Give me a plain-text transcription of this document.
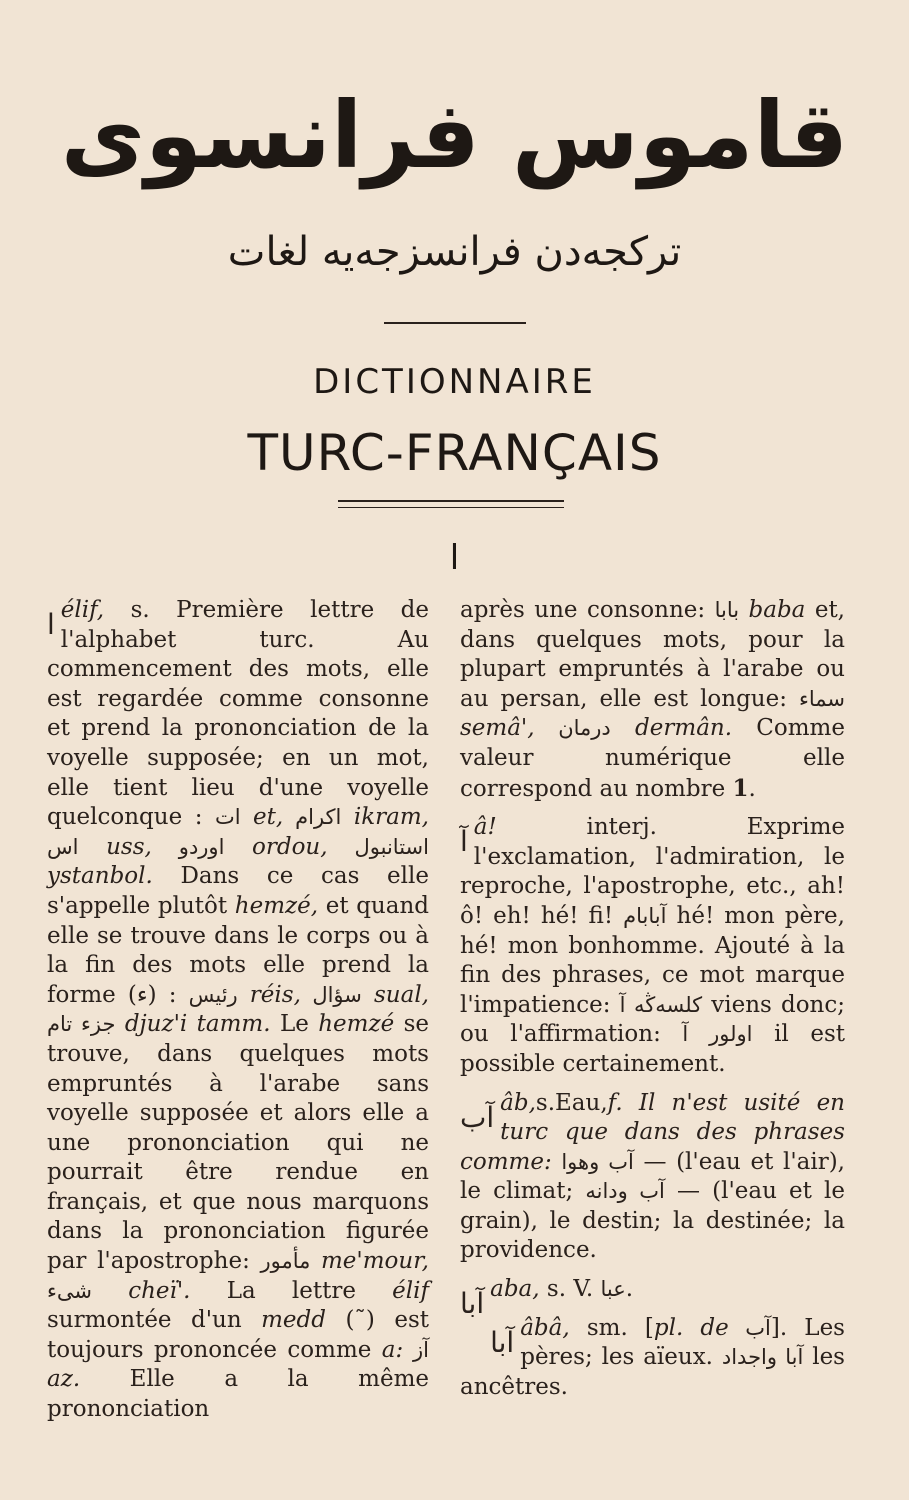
قاموس فرانسوی
تركجه‌دن فرانسزجه‌یه لغات
DICTIONNAIRE
TURC-FRANÇAIS
ا

ا élif, s. Première lettre de l'alphabet turc. Au commencement des mots, elle est regardée comme consonne et prend la prononciation de la voyelle supposée; en un mot, elle tient lieu d'une voyelle quelconque : ات et, اكرام ikram, اس uss, اوردو ordou, استانبول ystanbol. Dans ce cas elle s'appelle plutôt hemzé, et quand elle se trouve dans le corps ou à la fin des mots elle prend la forme (ء) : رئيس réis, سؤال sual, جزء تام djuz'i tamm. Le hemzé se trouve, dans quelques mots empruntés à l'arabe sans voyelle supposée et alors elle a une prononciation qui ne pourrait être rendue en français, et que nous marquons dans la prononciation figurée par l'apostrophe: مأمور me'mour, شیء cheï'. La lettre élif surmontée d'un medd (˜) est toujours prononcée comme a: آز az. Elle a la même prononciation

après une consonne: بابا baba et, dans quelques mots, pour la plupart empruntés à l'arabe ou au persan, elle est longue: سماء semâ', درمان dermân. Comme valeur numérique elle correspond au nombre 1.

آ â! interj. Exprime l'exclamation, l'admiration, le reproche, l'apostrophe, etc., ah! ô! eh! hé! fi! آبابام hé! mon père, hé! mon bonhomme. Ajouté à la fin des phrases, ce mot marque l'impatience: كلسه‌ڭه آ viens donc; ou l'affirmation: اولور آ il est possible certainement.

آب âb,s.Eau,f. Il n'est usité en turc que dans des phrases comme: آب وهوا — (l'eau et l'air), le climat; آب ودانه — (l'eau et le grain), le destin; la destinée; la providence.

آبا aba, s. V. عبا.

آبا âbâ, sm. [pl. de آب]. Les pères; les aïeux. آبا واجداد les ancêtres.
